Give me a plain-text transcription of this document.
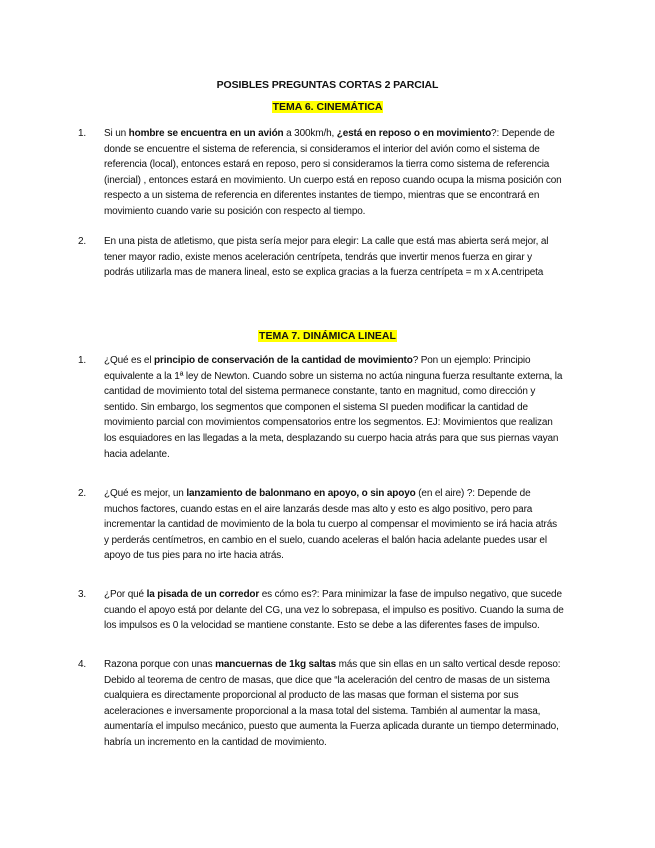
POSIBLES PREGUNTAS CORTAS 2 PARCIAL
TEMA 6. CINEMÁTICA
1. Si un hombre se encuentra en un avión a 300km/h, ¿está en reposo o en movimiento?: Depende de donde se encuentre el sistema de referencia, si consideramos el interior del avión como el sistema de referencia (local), entonces estará en reposo, pero si consideramos la tierra como sistema de referencia (inercial) , entonces estará en movimiento. Un cuerpo está en reposo cuando ocupa la misma posición con respecto a un sistema de referencia en diferentes instantes de tiempo, mientras que se encontrará en movimiento cuando varie su posición con respecto al tiempo.
2. En una pista de atletismo, que pista sería mejor para elegir: La calle que está mas abierta será mejor, al tener mayor radio, existe menos aceleración centrípeta, tendrás que invertir menos fuerza en girar y podrás utilizarla mas de manera lineal, esto se explica gracias a la fuerza centrípeta = m x A.centripeta
TEMA 7. DINÁMICA LINEAL
1. ¿Qué es el principio de conservación de la cantidad de movimiento? Pon un ejemplo: Principio equivalente a la 1ª ley de Newton. Cuando sobre un sistema no actúa ninguna fuerza resultante externa, la cantidad de movimiento total del sistema permanece constante, tanto en magnitud, como dirección y sentido. Sin embargo, los segmentos que componen el sistema SI pueden modificar la cantidad de movimiento parcial con movimientos compensatorios entre los segmentos. EJ: Movimientos que realizan los esquiadores en las llegadas a la meta, desplazando su cuerpo hacia atrás para que sus piernas vayan hacia adelante.
2. ¿Qué es mejor, un lanzamiento de balonmano en apoyo, o sin apoyo (en el aire) ?: Depende de muchos factores, cuando estas en el aire lanzarás desde mas alto y esto es algo positivo, pero para incrementar la cantidad de movimiento de la bola tu cuerpo al compensar el movimiento se irá hacia atrás y perderás centímetros, en cambio en el suelo, cuando aceleras el balón hacia adelante puedes usar el apoyo de tus pies para no irte hacia atrás.
3. ¿Por qué la pisada de un corredor es cómo es?: Para minimizar la fase de impulso negativo, que sucede cuando el apoyo está por delante del CG, una vez lo sobrepasa, el impulso es positivo. Cuando la suma de los impulsos es 0 la velocidad se mantiene constante. Esto se debe a las diferentes fases de impulso.
4. Razona porque con unas mancuernas de 1kg saltas más que sin ellas en un salto vertical desde reposo: Debido al teorema de centro de masas, que dice que “la aceleración del centro de masas de un sistema cualquiera es directamente proporcional al producto de las masas que forman el sistema por sus aceleraciones e inversamente proporcional a la masa total del sistema. También al aumentar la masa, aumentaría el impulso mecánico, puesto que aumenta la Fuerza aplicada durante un tiempo determinado, habría un incremento en la cantidad de movimiento.
